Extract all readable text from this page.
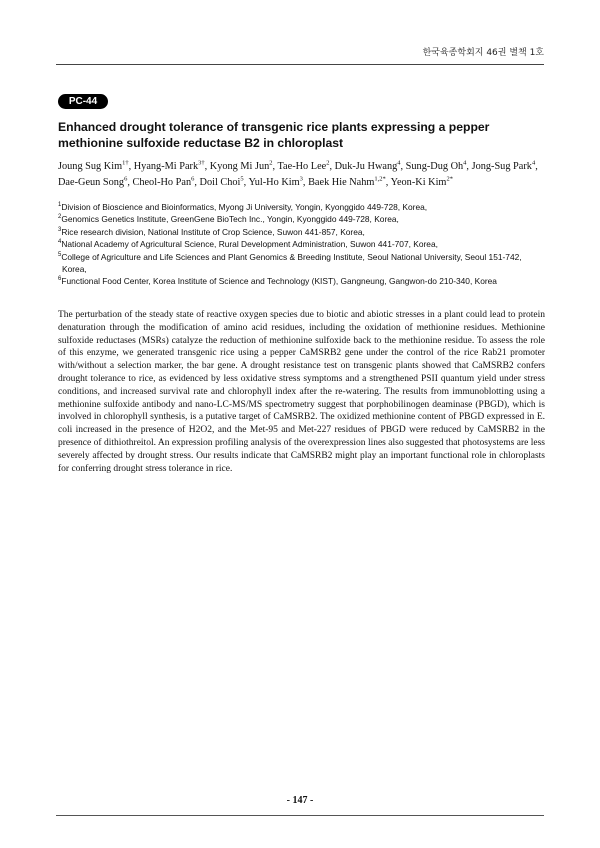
한국육종학회지 46권 별책 1호
PC-44
Enhanced drought tolerance of transgenic rice plants expressing a pepper methionine sulfoxide reductase B2 in chloroplast
Joung Sug Kim$^{1\dagger}$, Hyang-Mi Park$^{3\dagger}$, Kyong Mi Jun$^2$, Tae-Ho Lee$^2$, Duk-Ju Hwang$^4$, Sung-Dug Oh$^4$, Jong-Sug Park$^4$, Dae-Geun Song$^6$, Cheol-Ho Pan$^6$, Doil Choi$^5$, Yul-Ho Kim$^3$, Baek Hie Nahm$^{1,2*}$, Yeon-Ki Kim$^{2*}$
$^1$Division of Bioscience and Bioinformatics, Myong Ji University, Yongin, Kyonggido 449-728, Korea,
$^2$Genomics Genetics Institute, GreenGene BioTech Inc., Yongin, Kyonggido 449-728, Korea,
$^3$Rice research division, National Institute of Crop Science, Suwon 441-857, Korea,
$^4$National Academy of Agricultural Science, Rural Development Administration, Suwon 441-707, Korea,
$^5$College of Agriculture and Life Sciences and Plant Genomics & Breeding Institute, Seoul National University, Seoul 151-742, Korea,
$^6$Functional Food Center, Korea Institute of Science and Technology (KIST), Gangneung, Gangwon-do 210-340, Korea
The perturbation of the steady state of reactive oxygen species due to biotic and abiotic stresses in a plant could lead to protein denaturation through the modification of amino acid residues, including the oxidation of methionine residues. Methionine sulfoxide reductases (MSRs) catalyze the reduction of methionine sulfoxide back to the methionine residue. To assess the role of this enzyme, we generated transgenic rice using a pepper CaMSRB2 gene under the control of the rice Rab21 promoter with/without a selection marker, the bar gene. A drought resistance test on transgenic plants showed that CaMSRB2 confers drought tolerance to rice, as evidenced by less oxidative stress symptoms and a strengthened PSII quantum yield under stress conditions, and increased survival rate and chlorophyll index after the re-watering. The results from immunoblotting using a methionine sulfoxide antibody and nano-LC-MS/MS spectrometry suggest that porphobilinogen deaminase (PBGD), which is involved in chlorophyll synthesis, is a putative target of CaMSRB2. The oxidized methionine content of PBGD expressed in E. coli increased in the presence of H2O2, and the Met-95 and Met-227 residues of PBGD were reduced by CaMSRB2 in the presence of dithiothreitol. An expression profiling analysis of the overexpression lines also suggested that photosystems are less severely affected by drought stress. Our results indicate that CaMSRB2 might play an important functional role in chloroplasts for conferring drought stress tolerance in rice.
- 147 -
